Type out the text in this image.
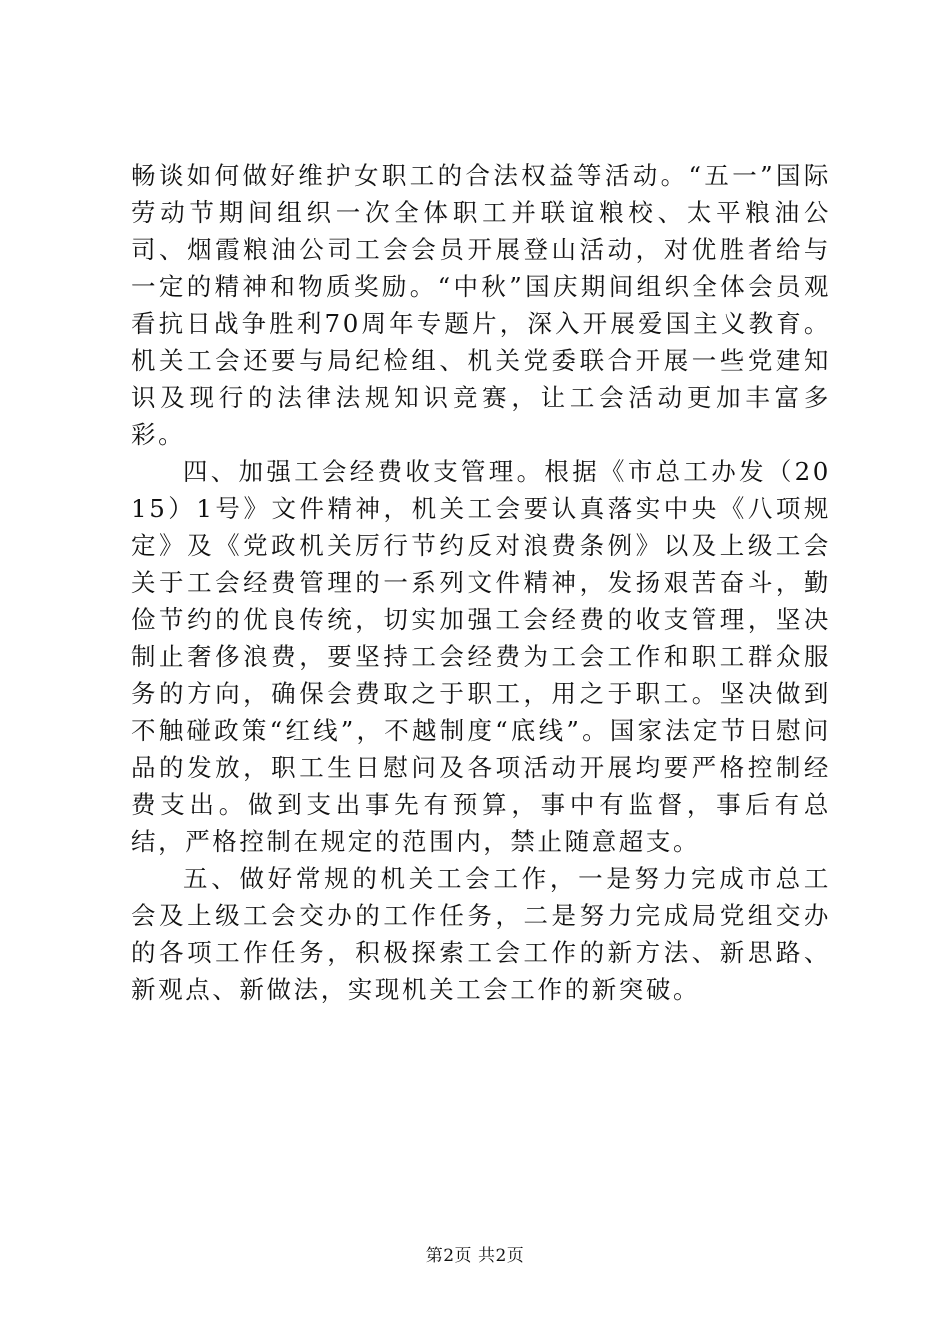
畅谈如何做好维护女职工的合法权益等活动。“五一”国际劳动节期间组织一次全体职工并联谊粮校、太平粮油公司、烟霞粮油公司工会会员开展登山活动，对优胜者给与一定的精神和物质奖励。“中秋”国庆期间组织全体会员观看抗日战争胜利70周年专题片，深入开展爱国主义教育。机关工会还要与局纪检组、机关党委联合开展一些党建知识及现行的法律法规知识竞赛，让工会活动更加丰富多彩。

四、加强工会经费收支管理。根据《市总工办发（2015）1号》文件精神，机关工会要认真落实中央《八项规定》及《党政机关厉行节约反对浪费条例》以及上级工会关于工会经费管理的一系列文件精神，发扬艰苦奋斗，勤俭节约的优良传统，切实加强工会经费的收支管理，坚决制止奢侈浪费，要坚持工会经费为工会工作和职工群众服务的方向，确保会费取之于职工，用之于职工。坚决做到不触碰政策“红线”，不越制度“底线”。国家法定节日慰问品的发放，职工生日慰问及各项活动开展均要严格控制经费支出。做到支出事先有预算，事中有监督，事后有总结，严格控制在规定的范围内，禁止随意超支。

五、做好常规的机关工会工作，一是努力完成市总工会及上级工会交办的工作任务，二是努力完成局党组交办的各项工作任务，积极探索工会工作的新方法、新思路、新观点、新做法，实现机关工会工作的新突破。

第2页 共2页
